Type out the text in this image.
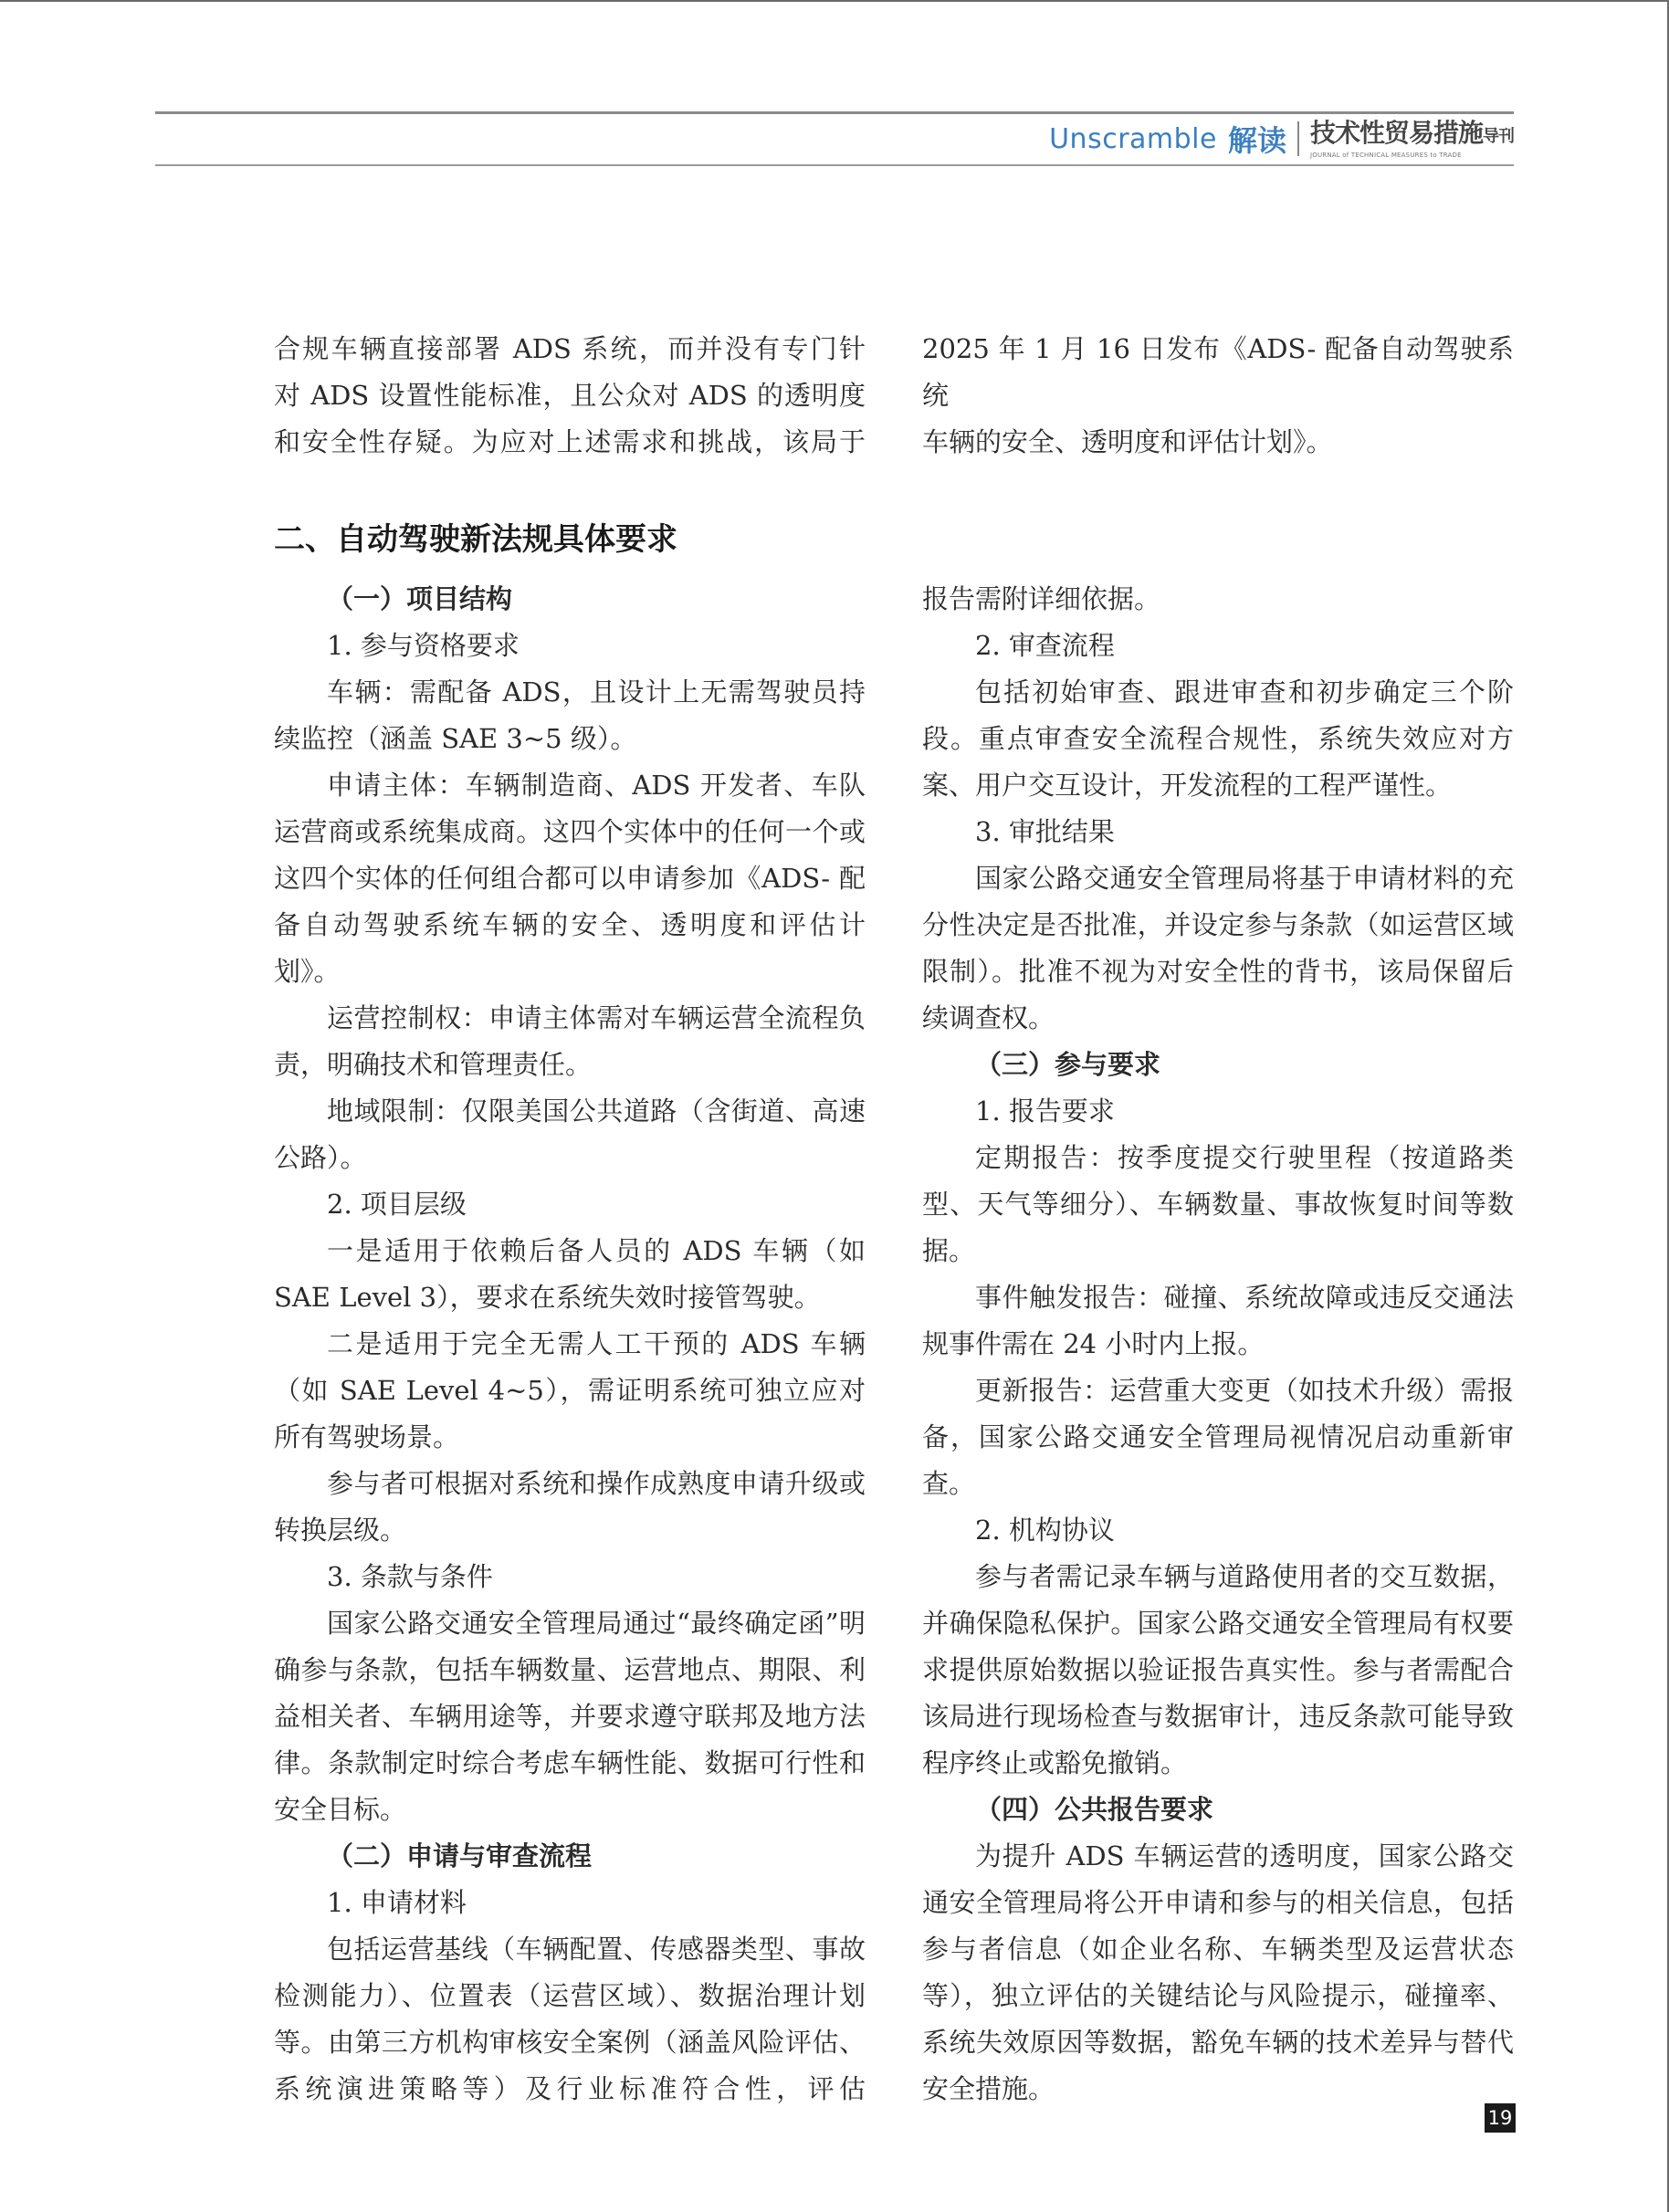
Unscramble 解读 技术性贸易措施导刊
JOURNAL of TECHNICAL MEASURES to TRADE

合规车辆直接部署 ADS 系统，而并没有专门针

对 ADS 设置性能标准，且公众对 ADS 的透明度

和安全性存疑。为应对上述需求和挑战，该局于

2025 年 1 月 16 日发布《ADS- 配备自动驾驶系统

车辆的安全、透明度和评估计划》。

二、自动驾驶新法规具体要求

（一）项目结构

1. 参与资格要求

车辆：需配备 ADS，且设计上无需驾驶员持续监控（涵盖 SAE 3~5 级）。

申请主体：车辆制造商、ADS 开发者、车队运营商或系统集成商。这四个实体中的任何一个或这四个实体的任何组合都可以申请参加《ADS- 配备自动驾驶系统车辆的安全、透明度和评估计划》。

运营控制权：申请主体需对车辆运营全流程负责，明确技术和管理责任。

地域限制：仅限美国公共道路（含街道、高速公路）。

2. 项目层级

一是适用于依赖后备人员的 ADS 车辆（如 SAE Level 3），要求在系统失效时接管驾驶。

二是适用于完全无需人工干预的 ADS 车辆（如 SAE Level 4~5），需证明系统可独立应对所有驾驶场景。

参与者可根据对系统和操作成熟度申请升级或转换层级。

3. 条款与条件

国家公路交通安全管理局通过“最终确定函”明确参与条款，包括车辆数量、运营地点、期限、利益相关者、车辆用途等，并要求遵守联邦及地方法律。条款制定时综合考虑车辆性能、数据可行性和安全目标。

（二）申请与审查流程

1. 申请材料

包括运营基线（车辆配置、传感器类型、事故检测能力）、位置表（运营区域）、数据治理计划等。由第三方机构审核安全案例（涵盖风险评估、系统演进策略等）及行业标准符合性，评估

报告需附详细依据。

2. 审查流程

包括初始审查、跟进审查和初步确定三个阶段。重点审查安全流程合规性，系统失效应对方案、用户交互设计，开发流程的工程严谨性。

3. 审批结果

国家公路交通安全管理局将基于申请材料的充分性决定是否批准，并设定参与条款（如运营区域限制）。批准不视为对安全性的背书，该局保留后续调查权。

（三）参与要求

1. 报告要求

定期报告：按季度提交行驶里程（按道路类型、天气等细分）、车辆数量、事故恢复时间等数据。

事件触发报告：碰撞、系统故障或违反交通法规事件需在 24 小时内上报。

更新报告：运营重大变更（如技术升级）需报备，国家公路交通安全管理局视情况启动重新审查。

2. 机构协议

参与者需记录车辆与道路使用者的交互数据，并确保隐私保护。国家公路交通安全管理局有权要求提供原始数据以验证报告真实性。参与者需配合该局进行现场检查与数据审计，违反条款可能导致程序终止或豁免撤销。

（四）公共报告要求

为提升 ADS 车辆运营的透明度，国家公路交通安全管理局将公开申请和参与的相关信息，包括参与者信息（如企业名称、车辆类型及运营状态等），独立评估的关键结论与风险提示，碰撞率、系统失效原因等数据，豁免车辆的技术差异与替代安全措施。

19
